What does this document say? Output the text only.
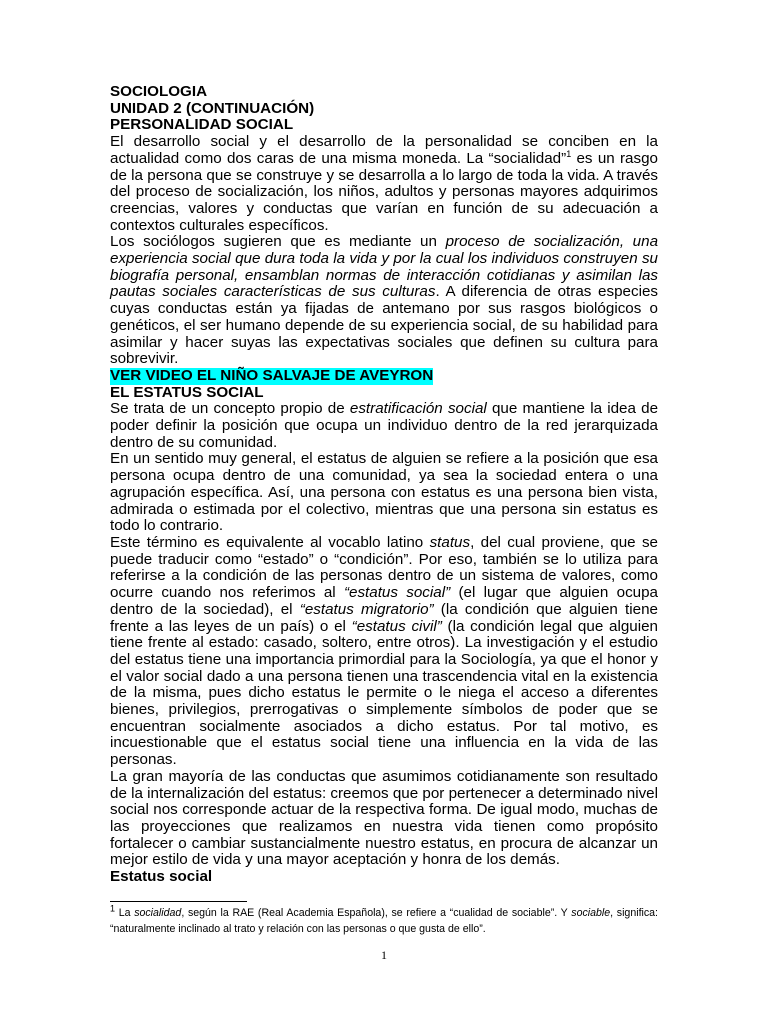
SOCIOLOGIA
UNIDAD 2 (CONTINUACIÓN)
PERSONALIDAD SOCIAL

El desarrollo social y el desarrollo de la personalidad se conciben en la actualidad como dos caras de una misma moneda. La “socialidad”$^1$ es un rasgo de la persona que se construye y se desarrolla a lo largo de toda la vida. A través del proceso de socialización, los niños, adultos y personas mayores adquirimos creencias, valores y conductas que varían en función de su adecuación a contextos culturales específicos.

Los sociólogos sugieren que es mediante un proceso de socialización, una experiencia social que dura toda la vida y por la cual los individuos construyen su biografía personal, ensamblan normas de interacción cotidianas y asimilan las pautas sociales características de sus culturas. A diferencia de otras especies cuyas conductas están ya fijadas de antemano por sus rasgos biológicos o genéticos, el ser humano depende de su experiencia social, de su habilidad para asimilar y hacer suyas las expectativas sociales que definen su cultura para sobrevivir.

VER VIDEO EL NIÑO SALVAJE DE AVEYRON
EL ESTATUS SOCIAL

Se trata de un concepto propio de estratificación social que mantiene la idea de poder definir la posición que ocupa un individuo dentro de la red jerarquizada dentro de su comunidad.

En un sentido muy general, el estatus de alguien se refiere a la posición que esa persona ocupa dentro de una comunidad, ya sea la sociedad entera o una agrupación específica. Así, una persona con estatus es una persona bien vista, admirada o estimada por el colectivo, mientras que una persona sin estatus es todo lo contrario.

Este término es equivalente al vocablo latino status, del cual proviene, que se puede traducir como “estado” o “condición”. Por eso, también se lo utiliza para referirse a la condición de las personas dentro de un sistema de valores, como ocurre cuando nos referimos al “estatus social” (el lugar que alguien ocupa dentro de la sociedad), el “estatus migratorio” (la condición que alguien tiene frente a las leyes de un país) o el “estatus civil” (la condición legal que alguien tiene frente al estado: casado, soltero, entre otros). La investigación y el estudio del estatus tiene una importancia primordial para la Sociología, ya que el honor y el valor social dado a una persona tienen una trascendencia vital en la existencia de la misma, pues dicho estatus le permite o le niega el acceso a diferentes bienes, privilegios, prerrogativas o simplemente símbolos de poder que se encuentran socialmente asociados a dicho estatus. Por tal motivo, es incuestionable que el estatus social tiene una influencia en la vida de las personas.

La gran mayoría de las conductas que asumimos cotidianamente son resultado de la internalización del estatus: creemos que por pertenecer a determinado nivel social nos corresponde actuar de la respectiva forma. De igual modo, muchas de las proyecciones que realizamos en nuestra vida tienen como propósito fortalecer o cambiar sustancialmente nuestro estatus, en procura de alcanzar un mejor estilo de vida y una mayor aceptación y honra de los demás.

Estatus social
$^1$ La socialidad, según la RAE (Real Academia Española), se refiere a “cualidad de sociable”. Y sociable, significa: “naturalmente inclinado al trato y relación con las personas o que gusta de ello”.
1
